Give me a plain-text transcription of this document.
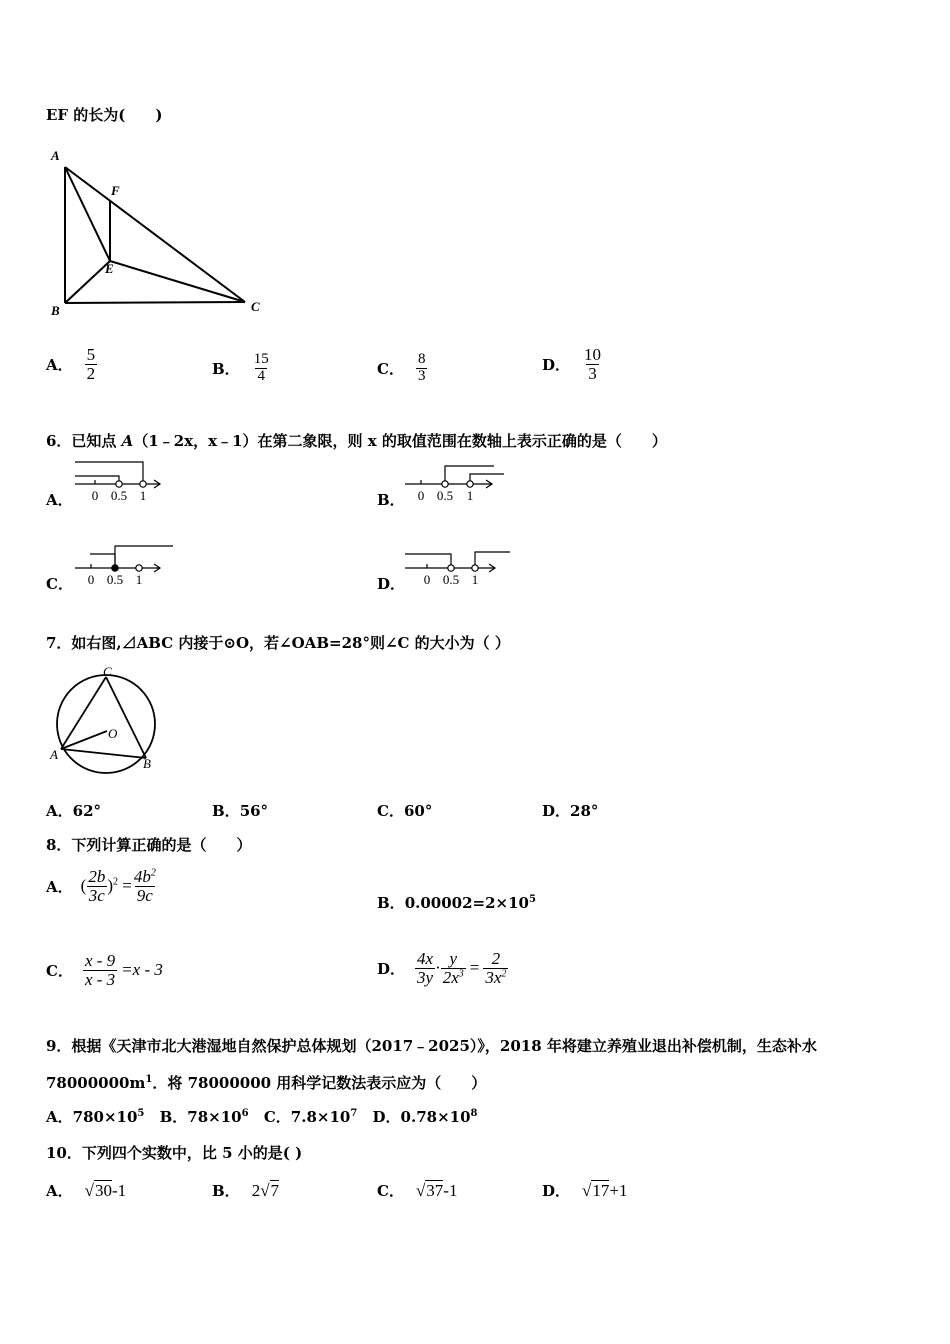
EF 的长为(　　)
A
F
E
B	C
A． $\frac{5}{2}$	B． $\frac{15}{4}$	C． $\frac{8}{3}$	D． $\frac{10}{3}$
6．已知点 A（1﹣2x，x﹣1）在第二象限，则 x 的取值范围在数轴上表示正确的是（　　）
A． 0 0.5 1	B． 0 0.5 1
C． 0 0.5 1	D． 0 0.5 1
7．如右图,⊿ABC 内接于⊙O，若∠OAB=28°则∠C 的大小为（ ）
C
O
A
B
A．62°	B．56°	C．60°	D．28°
8．下列计算正确的是（　　）
A． ( $\frac{2b}{3c} )^2 = \frac{4b^2}{9c}$	B．$0.00002=2\times 10^5$
C． $\frac{x - 9}{x - 3} =x - 3$	D． $\frac{4x}{3y} \cdot \frac{y}{2x^3} = \frac{2}{3x^2}$
9．根据《天津市北大港湿地自然保护总体规划（2017﹣2025）》，2018 年将建立养殖业退出补偿机制，生态补水
$78000000m^1$．将 78000000 用科学记数法表示应为（　　）
A．$780\times 10^5$ B．$78\times 10^6$ C．$7.8\times 10^7$ D．$0.78\times 10^8$
10．下列四个实数中，比 5 小的是( )
A． √30-1	B． 2√7	C． √37-1	D． √17+1
